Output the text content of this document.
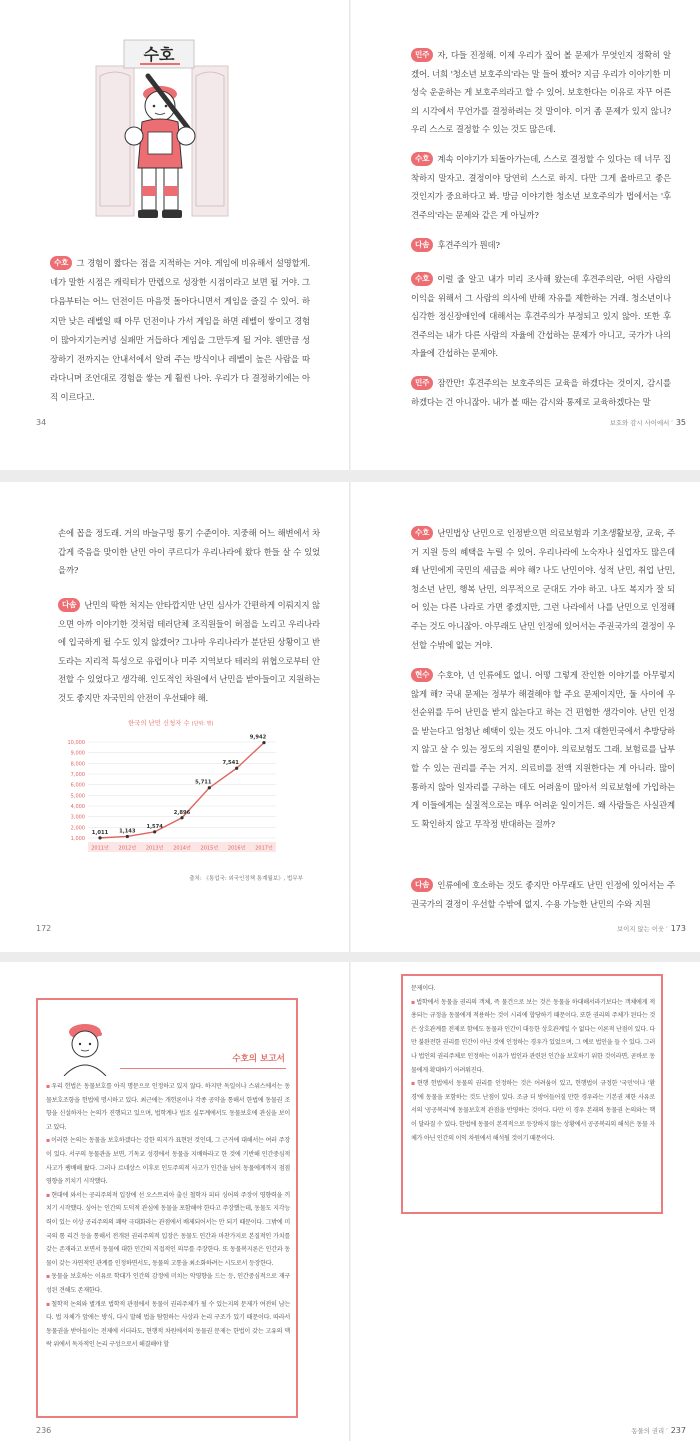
수호
수호 그 경험이 짧다는 점을 지적하는 거야. 게임에 비유해서 설명할게. 네가 말한 시점은 캐릭터가 만렙으로 성장한 시점이라고 보면 될 거야. 그다음부터는 어느 던전이든 마음껏 돌아다니면서 게임을 즐길 수 있어. 하지만 낮은 레벨일 때 아무 던전이나 가서 게임을 하면 레벨이 쌓이고 경험이 많아지기는커녕 실패만 거듭하다 게임을 그만두게 될 거야. 웬만큼 성장하기 전까지는 안내서에서 알려 주는 방식이나 레벨이 높은 사람을 따라다니며 조언대로 경험을 쌓는 게 훨씬 나아. 우리가 다 결정하기에는 아직 이르다고.
34
민주 자, 다들 진정해. 이제 우리가 짚어 볼 문제가 무엇인지 정확히 알겠어. 너희 '청소년 보호주의'라는 말 들어 봤어? 지금 우리가 이야기한 미성숙 운운하는 게 보호주의라고 할 수 있어. 보호한다는 이유로 자꾸 어른의 시각에서 무언가를 결정하려는 것 말이야. 이거 좀 문제가 있지 않니? 우리 스스로 결정할 수 있는 것도 많은데.
수호 계속 이야기가 되돌아가는데, 스스로 결정할 수 있다는 데 너무 집착하지 말자고. 결정이야 당연히 스스로 하지. 다만 그게 올바르고 좋은 것인지가 중요하다고 봐. 방금 이야기한 청소년 보호주의가 법에서는 '후견주의'라는 문제와 같은 게 아닐까?
다솜 후견주의가 뭔데?
수호 이럴 줄 알고 내가 미리 조사해 왔는데 후견주의란, 어떤 사람의 이익을 위해서 그 사람의 의사에 반해 자유를 제한하는 거래. 청소년이나 심각한 정신장애인에 대해서는 후견주의가 부정되고 있지 않아. 또한 후견주의는 내가 다른 사람의 자율에 간섭하는 문제가 아니고, 국가가 나의 자율에 간섭하는 문제야.
민주 잠깐만! 후견주의는 보호주의든 교육을 하겠다는 것이지, 감시를 하겠다는 건 아니잖아. 내가 볼 때는 감시와 통제로 교육하겠다는 말
보호와 감시 사이에서 ′ 35
손에 꼽을 정도래. 거의 바늘구멍 통기 수준이야. 지중해 어느 해변에서 차갑게 죽음을 맞이한 난민 아이 쿠르디가 우리나라에 왔다 한들 살 수 있었을까?
다솜 난민의 딱한 처지는 안타깝지만 난민 심사가 간편하게 이뤄지지 않으면 아까 이야기한 것처럼 테러단체 조직원들이 허점을 노리고 우리나라에 입국하게 될 수도 있지 않겠어? 그나마 우리나라가 분단된 상황이고 반도라는 지리적 특성으로 유럽이나 미주 지역보다 테러의 위협으로부터 안전할 수 있었다고 생각해. 인도적인 차원에서 난민을 받아들이고 지원하는 것도 좋지만 자국민의 안전이 우선돼야 해.
한국의 난민 신청자 수 (단위: 명)
1,000
2,000
3,000
4,000
5,000
6,000
7,000
8,000
9,000
10,000
2011년 2012년 2013년 2014년 2015년 2016년 2017년
1,011 1,143
1,574
2,896
5,711
7,541
9,942
출처: 《통업국: 외국인정책 통계월보》, 법무부
172
수호 난민법상 난민으로 인정받으면 의료보험과 기초생활보장, 교육, 주거 지원 등의 혜택을 누릴 수 있어. 우리나라에 노숙자나 실업자도 많은데 왜 난민에게 국민의 세금을 써야 해? 나도 난민이야. 성적 난민, 취업 난민, 청소년 난민, 행복 난민, 의무적으로 군대도 가야 하고. 나도 복지가 잘 되어 있는 다른 나라로 가면 좋겠지만, 그런 나라에서 나를 난민으로 인정해 주는 것도 아니잖아. 아무래도 난민 인정에 있어서는 주권국가의 결정이 우선할 수밖에 없는 거야.
현수 수호야, 넌 인류에도 없니. 어떻 그렇게 잔인한 이야기를 아무렇지 않게 해? 국내 문제는 정부가 해결해야 할 주요 문제이지만, 둘 사이에 우선순위를 두어 난민을 받지 않는다고 하는 건 편협한 생각이야. 난민 인정을 받는다고 엄청난 혜택이 있는 것도 아니야. 그저 대한민국에서 추방당하지 않고 살 수 있는 정도의 지원일 뿐이야. 의료보험도 그래. 보험료를 납부할 수 있는 권리를 주는 거지. 의료비를 전액 지원한다는 게 아니라. 많이 통하지 않아 일자리를 구하는 데도 어려움이 많아서 의료보험에 가입하는 게 이들에게는 실질적으로는 매우 어려운 일이거든. 왜 사람들은 사실관계도 확인하지 않고 무작정 반대하는 걸까?
다솜 인류에에 호소하는 것도 좋지만 아무래도 난민 인정에 있어서는 주권국가의 결정이 우선할 수밖에 없지. 수용 가능한 난민의 수와 지원
보이지 않는 이웃 ′ 173
수호의 보고서

▪우리 헌법은 동물보호를 아직 명문으로 인정하고 있지 않다. 하지만 독일이나 스위스에서는 동물보호조항을 헌법에 명시하고 있다. 최근에는 개헌론이나 각종 공약을 통해서 한법에 동물권 조항을 신설하자는 논의가 진행되고 있으며, 법학계나 법조 실무계에서도 동물보호에 관심을 보이고 있다.

▪이러한 논의는 동물을 보호하겠다는 강한 의지가 표현된 것인데, 그 근거에 대해서는 여러 주장이 있다. 서구의 동물관을 보면, 기독교 성경에서 동물을 지배하라고 한 것에 기반해 인간중심적 사고가 팽배해 왔다. 그러나 르네상스 이후로 인도주의적 사고가 인간을 넘어 동물에게까지 점점 영향을 끼치기 시작했다.

▪현대에 와서는 공리주의적 입장에 선 오스트리아 출신 철학자 피터 싱어의 주장이 영향력을 끼치기 시작했다. 싱어는 인간의 도덕적 관심에 동물을 포함해야 한다고 주장했는데, 동물도 지각능력이 있는 이상 공리주의의 쾌락 극대화라는 관점에서 배제되어서는 안 되기 때문이다. 그밖에 미국의 톰 리건 등을 통해서 전개된 권리주의적 입장은 동물도 인간과 마찬가지로 본질적인 가치를 갖는 존재라고 보면서 동물에 대한 인간의 직접적인 의무를 주장한다. 또 동물복지론은 인간과 동물이 갖는 자연적인 관계를 인정하면서도, 동물의 고통을 최소화하려는 시도로서 등장한다.

▪동물을 보호하는 이유로 학대가 인간의 감정에 미치는 악영향을 드는 등, 인간중심적으로 재구성된 견해도 존재한다.

▪철학적 논의와 별개로 법학적 관점에서 동물이 권리주체가 될 수 있는지의 문제가 여전히 남는다. 법 자체가 앞에는 방식, 다시 말해 법을 탐험하는 사상과 논리 구조가 있기 때문이다. 따라서 동물권을 받아들이는 전제에 서더라도, 현행적 차원에서의 동물권 문제는 한법이 갖는 고유의 맥락 위에서 독자적인 논리 구성으로서 해결해야 할

236

문제이다.

▪법학에서 동물을 권리의 객체, 즉 물건으로 보는 것은 동물을 하대해서라기보다는 객체에게 적용되는 규정을 동물에게 적용하는 것이 시리에 합당하기 때문이다. 또한 권리의 주체가 된다는 것은 상호관계를 전제로 함에도 동물과 인간이 대등한 상호관계일 수 없다는 이론적 난점이 있다. 다만 불완전한 권리를 인간이 아닌 것에 인정하는 경우가 있었으며, 그 예로 법인을 들 수 있다. 그러나 법인의 권리주체로 인정하는 이유가 법인과 관련된 인간을 보호하기 위한 것이라면, 곧바로 동물에게 확대하기 어려워진다.

▪현행 헌법에서 동물의 권리를 인정하는 것은 어려움이 있고, 헌행법이 규정한 '국민'이나 '환경'에 동물을 포함하는 것도 난점이 있다. 조금 더 방어들어질 만한 경우라는 기본권 제한 사유로서의 '공공복리'에 동물보호적 관점을 반영하는 것이다. 다만 이 경우 본래의 동물권 논의와는 핵이 달라질 수 있다. 한법에 동물이 본격적으로 등장하지 않는 상황에서 공공복리의 해석은 동물 자체가 아닌 인간의 이익 차원에서 해석될 것이기 때문이다.

동물의 권리 ′ 237
